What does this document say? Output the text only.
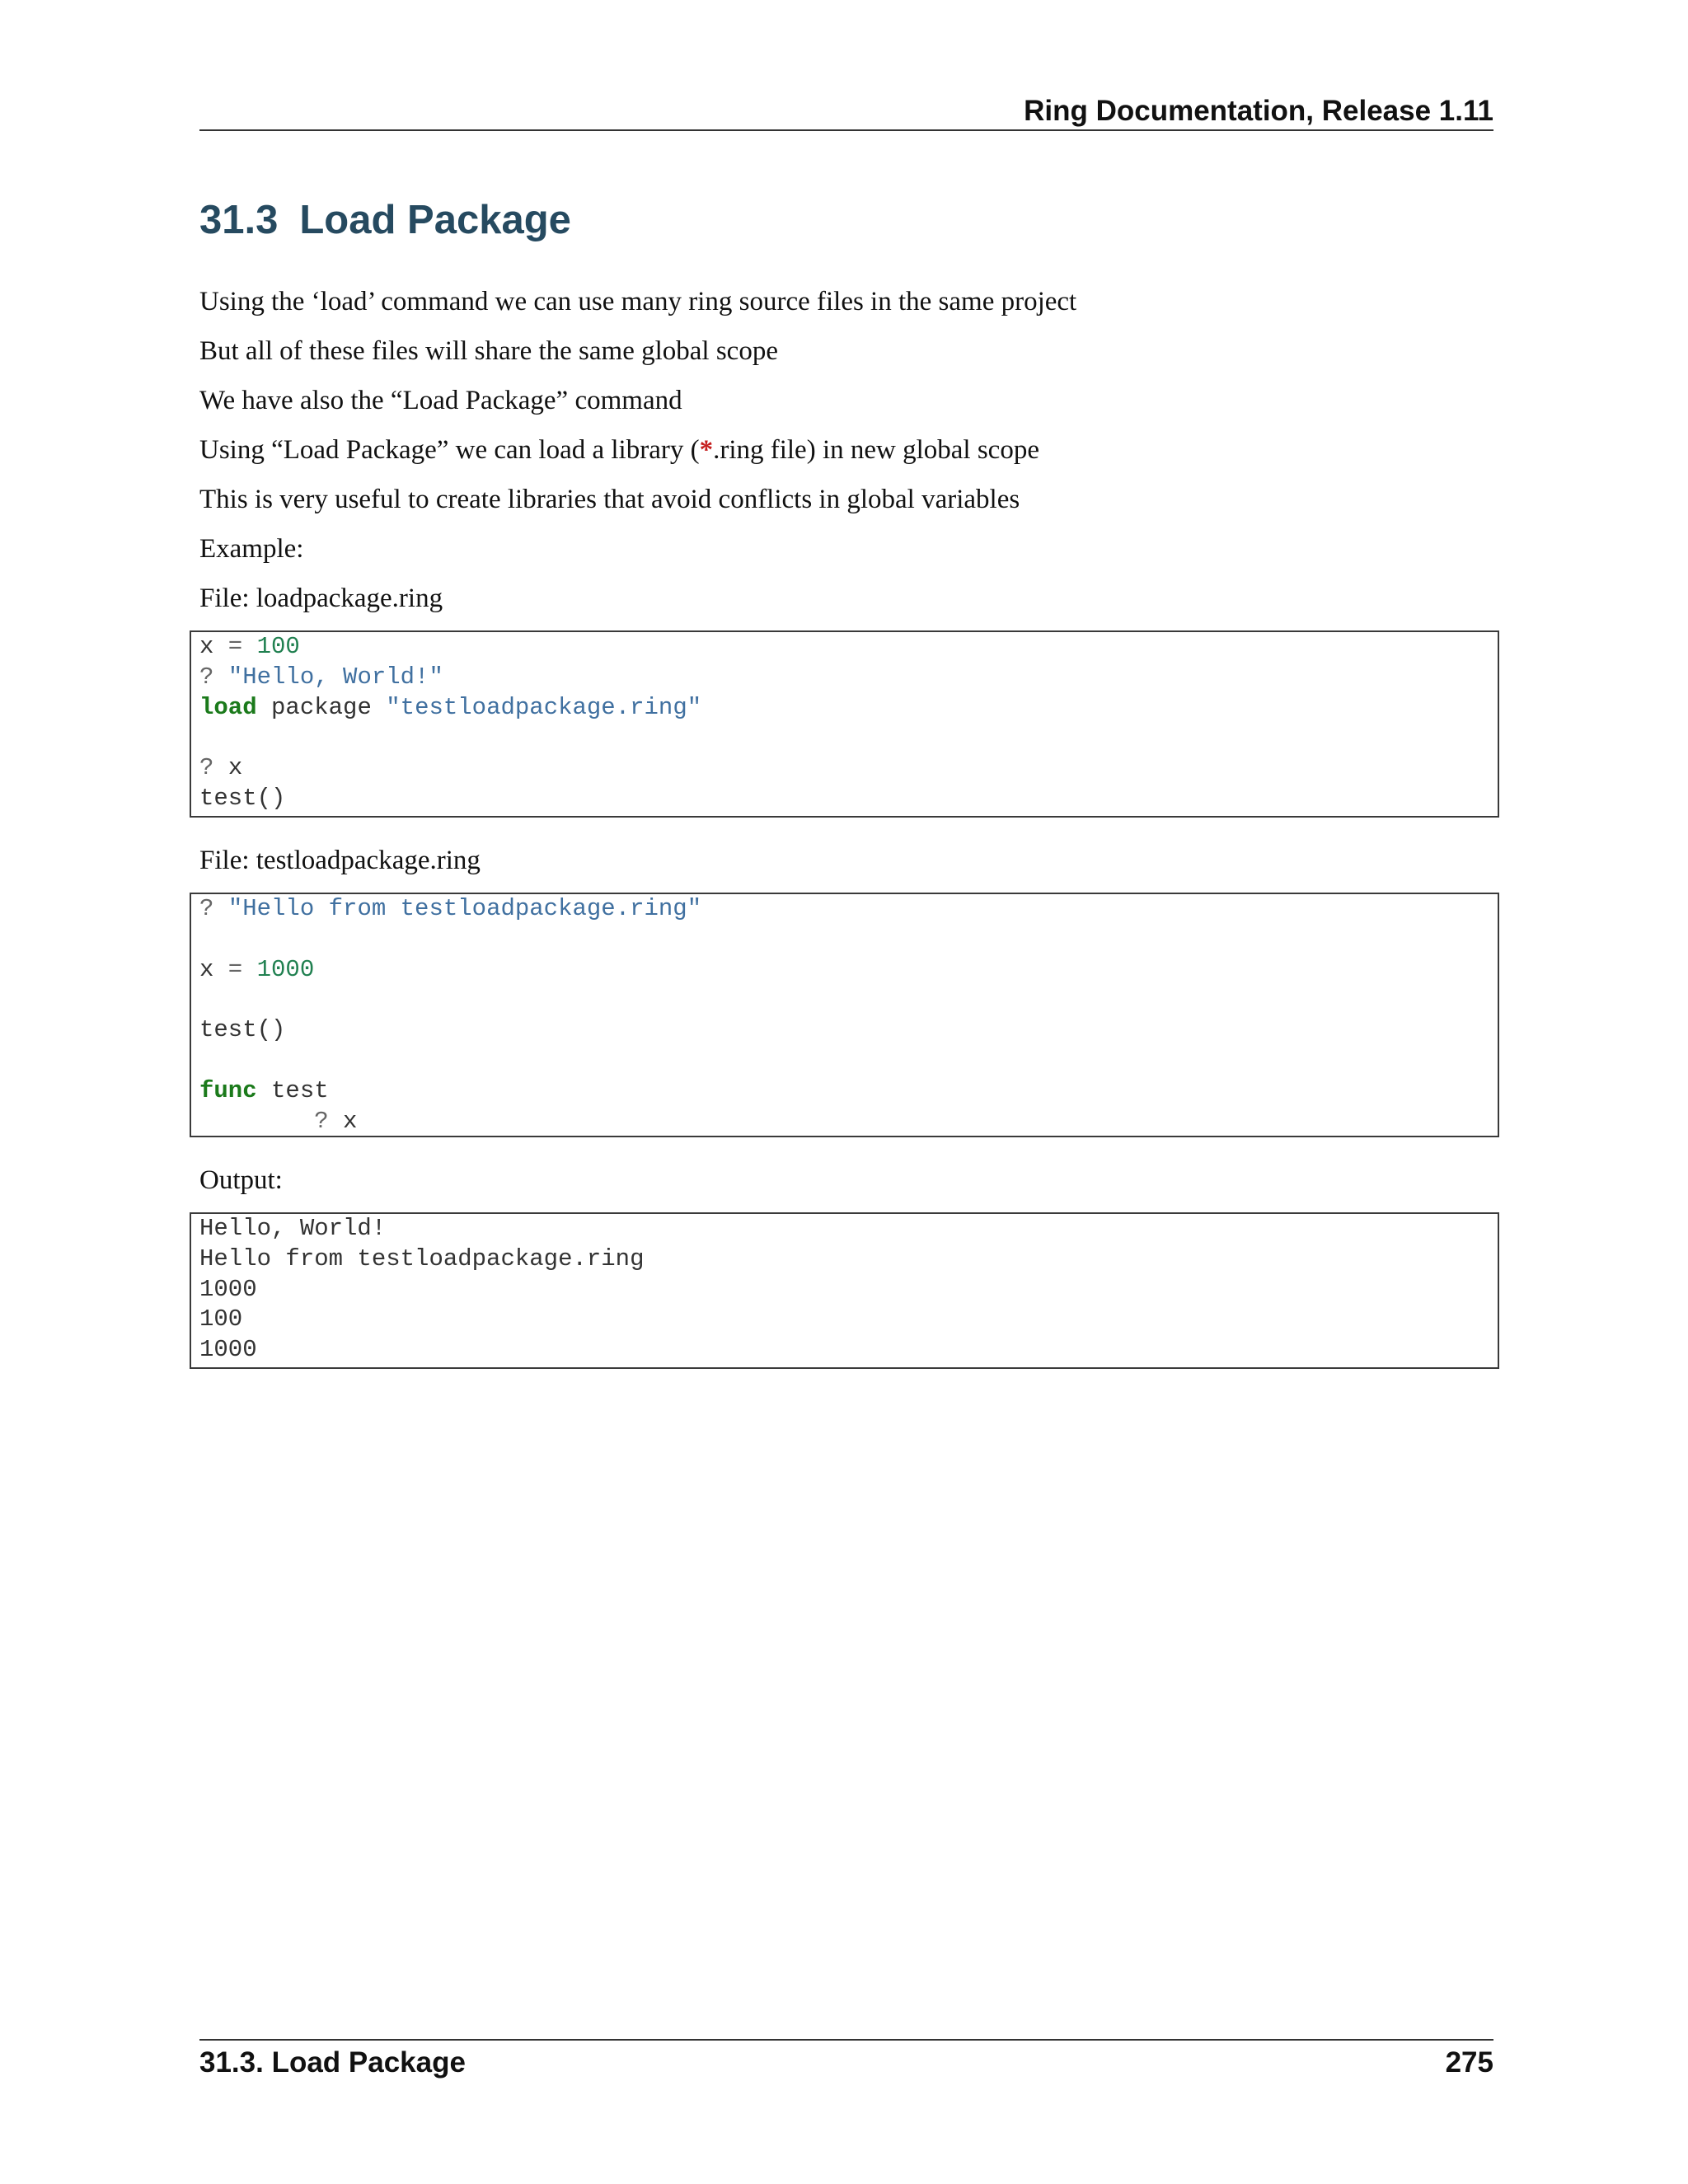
Ring Documentation, Release 1.11
31.3 Load Package
Using the ‘load’ command we can use many ring source files in the same project
But all of these files will share the same global scope
We have also the “Load Package” command
Using “Load Package” we can load a library (*.ring file) in new global scope
This is very useful to create libraries that avoid conflicts in global variables
Example:
File: loadpackage.ring
x = 100
? "Hello, World!"
load package "testloadpackage.ring"
? x
test()
File: testloadpackage.ring
? "Hello from testloadpackage.ring"
x = 1000
test()
func test
? x
Output:
Hello, World!
Hello from testloadpackage.ring
1000
100
1000
31.3. Load Package	275
